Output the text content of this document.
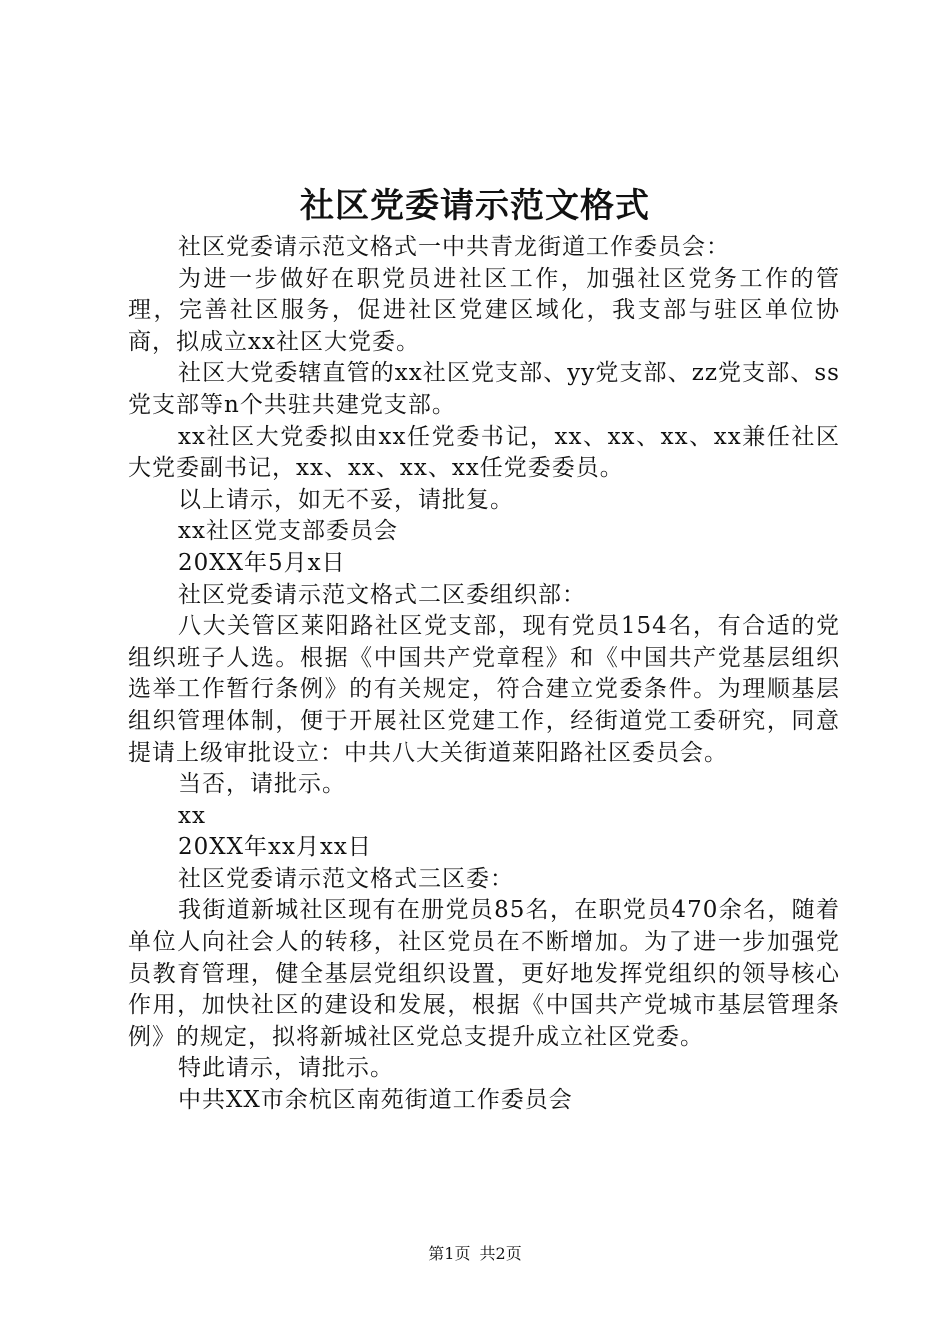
社区党委请示范文格式

社区党委请示范文格式一中共青龙街道工作委员会：

为进一步做好在职党员进社区工作，加强社区党务工作的管理，完善社区服务，促进社区党建区域化，我支部与驻区单位协商，拟成立xx社区大党委。

社区大党委辖直管的xx社区党支部、yy党支部、zz党支部、ss党支部等n个共驻共建党支部。

xx社区大党委拟由xx任党委书记，xx、xx、xx、xx兼任社区大党委副书记，xx、xx、xx、xx任党委委员。

以上请示，如无不妥，请批复。

xx社区党支部委员会

20XX年5月x日

社区党委请示范文格式二区委组织部：

八大关管区莱阳路社区党支部，现有党员154名，有合适的党组织班子人选。根据《中国共产党章程》和《中国共产党基层组织选举工作暂行条例》的有关规定，符合建立党委条件。为理顺基层组织管理体制，便于开展社区党建工作，经街道党工委研究，同意提请上级审批设立：中共八大关街道莱阳路社区委员会。

当否，请批示。

xx

20XX年xx月xx日

社区党委请示范文格式三区委：

我街道新城社区现有在册党员85名，在职党员470余名，随着单位人向社会人的转移，社区党员在不断增加。为了进一步加强党员教育管理，健全基层党组织设置，更好地发挥党组织的领导核心作用，加快社区的建设和发展，根据《中国共产党城市基层管理条例》的规定，拟将新城社区党总支提升成立社区党委。

特此请示，请批示。

中共XX市余杭区南苑街道工作委员会

第1页 共2页
